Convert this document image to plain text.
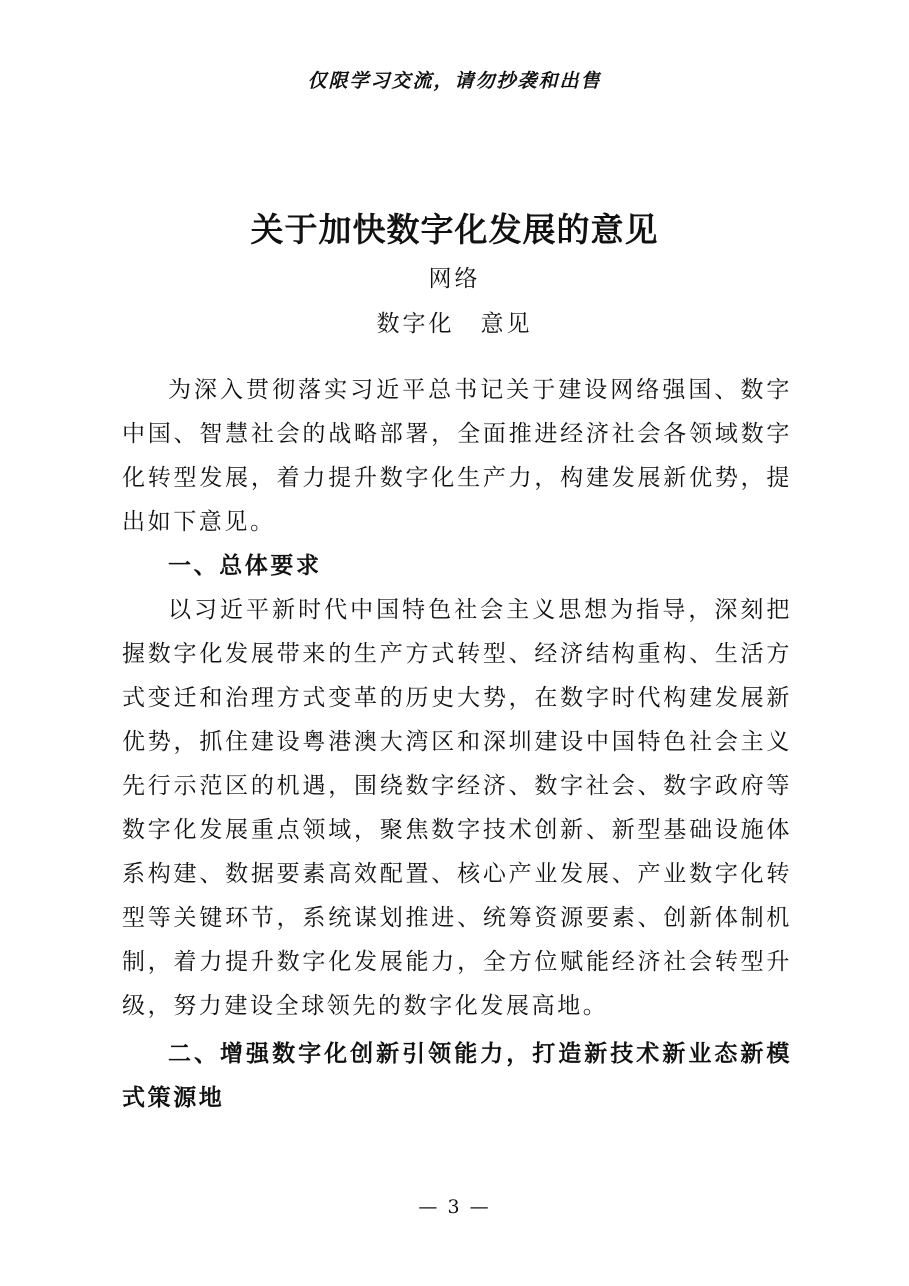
仅限学习交流，请勿抄袭和出售
关于加快数字化发展的意见
网络
数字化 意见

为深入贯彻落实习近平总书记关于建设网络强国、数字中国、智慧社会的战略部署，全面推进经济社会各领域数字化转型发展，着力提升数字化生产力，构建发展新优势，提出如下意见。

一、总体要求

以习近平新时代中国特色社会主义思想为指导，深刻把握数字化发展带来的生产方式转型、经济结构重构、生活方式变迁和治理方式变革的历史大势，在数字时代构建发展新优势，抓住建设粤港澳大湾区和深圳建设中国特色社会主义先行示范区的机遇，围绕数字经济、数字社会、数字政府等数字化发展重点领域，聚焦数字技术创新、新型基础设施体系构建、数据要素高效配置、核心产业发展、产业数字化转型等关键环节，系统谋划推进、统筹资源要素、创新体制机制，着力提升数字化发展能力，全方位赋能经济社会转型升级，努力建设全球领先的数字化发展高地。

二、增强数字化创新引领能力，打造新技术新业态新模式策源地
— 3 —
